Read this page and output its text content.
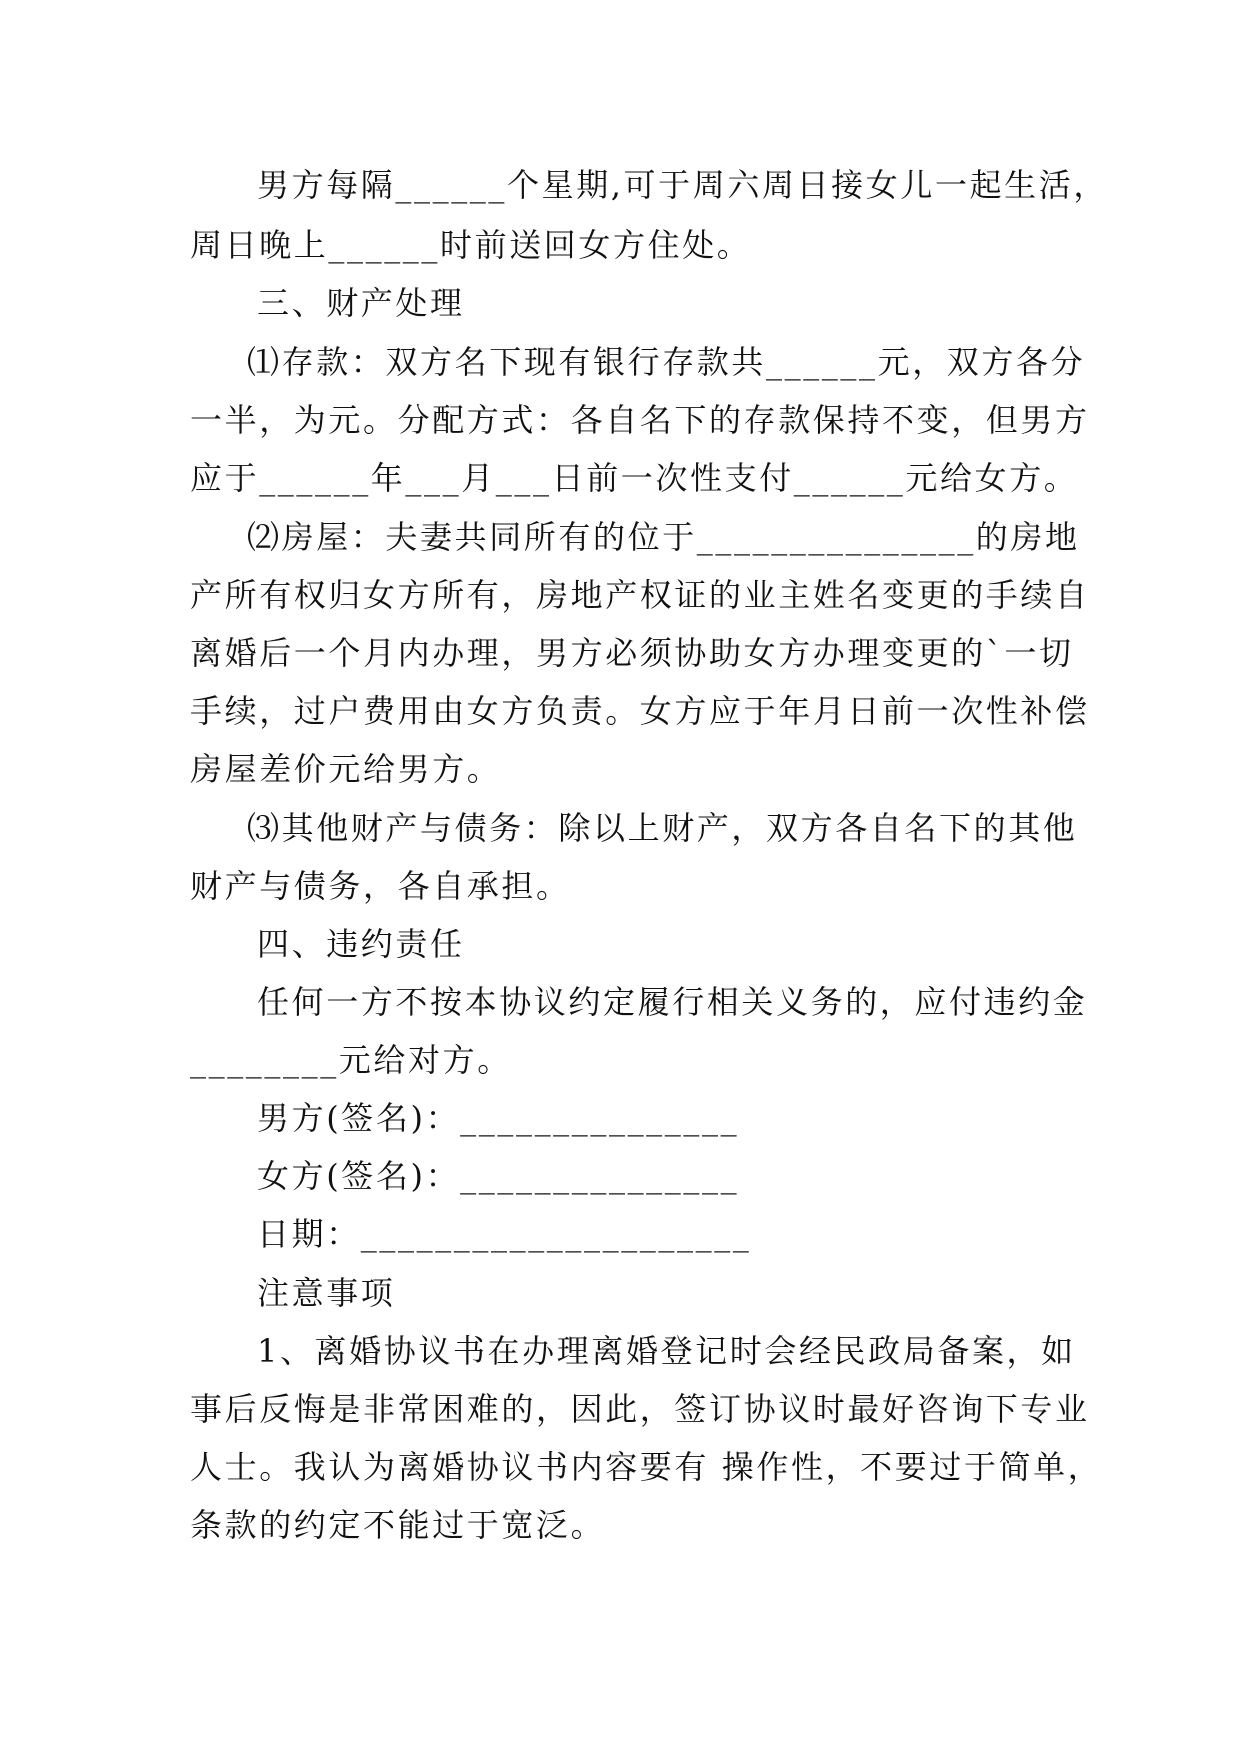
男方每隔______个星期,可于周六周日接女儿一起生活，
周日晚上______时前送回女方住处。
三、财产处理
⑴存款：双方名下现有银行存款共______元，双方各分
一半，为元。分配方式：各自名下的存款保持不变，但男方
应于______年___月___日前一次性支付______元给女方。
⑵房屋：夫妻共同所有的位于_______________的房地
产所有权归女方所有，房地产权证的业主姓名变更的手续自
离婚后一个月内办理，男方必须协助女方办理变更的`一切
手续，过户费用由女方负责。女方应于年月日前一次性补偿
房屋差价元给男方。
⑶其他财产与债务：除以上财产，双方各自名下的其他
财产与债务，各自承担。
四、违约责任
任何一方不按本协议约定履行相关义务的，应付违约金
________元给对方。
男方(签名)：_______________
女方(签名)：_______________
日期：_____________________
注意事项
1、离婚协议书在办理离婚登记时会经民政局备案，如
事后反悔是非常困难的，因此，签订协议时最好咨询下专业
人士。我认为离婚协议书内容要有 操作性，不要过于简单，
条款的约定不能过于宽泛。
